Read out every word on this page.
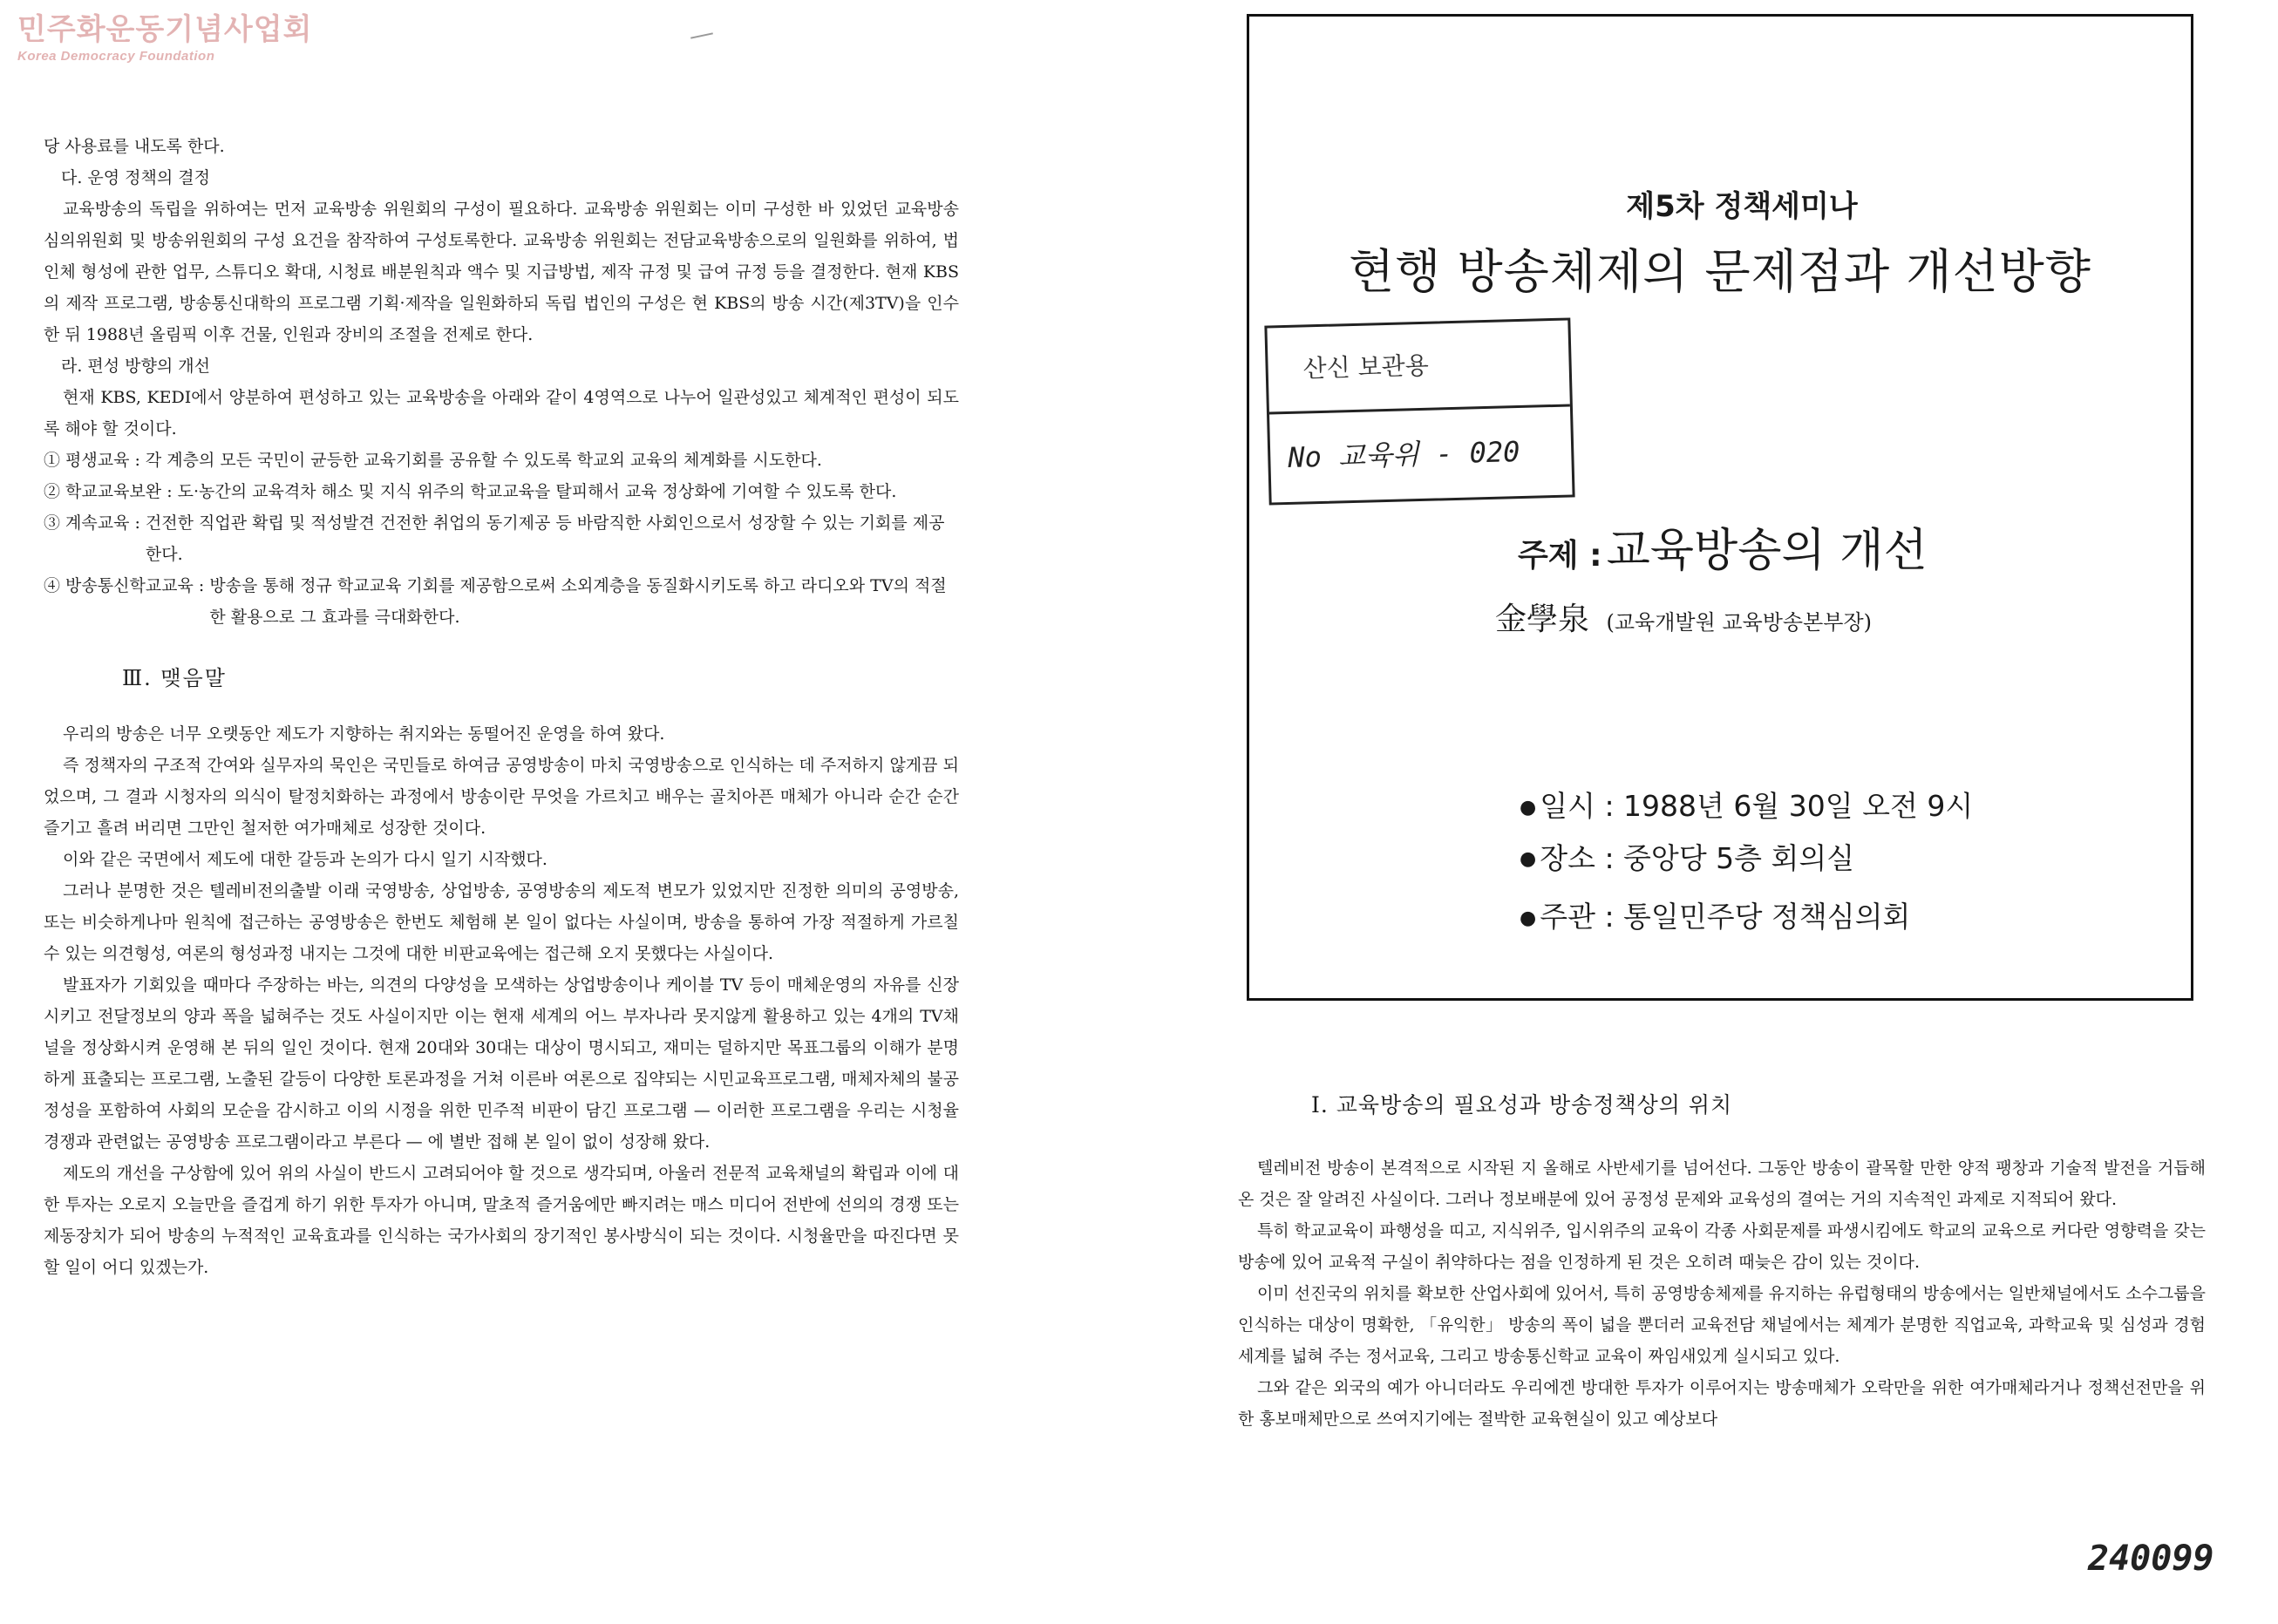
민주화운동기념사업회
Korea Democracy Foundation

당 사용료를 내도록 한다.

다. 운영 정책의 결정

교육방송의 독립을 위하여는 먼저 교육방송 위원회의 구성이 필요하다. 교육방송 위원회는 이미 구성한 바 있었던 교육방송 심의위원회 및 방송위원회의 구성 요건을 참작하여 구성토록한다. 교육방송 위원회는 전담교육방송으로의 일원화를 위하여, 법인체 형성에 관한 업무, 스튜디오 확대, 시청료 배분원칙과 액수 및 지급방법, 제작 규정 및 급여 규정 등을 결정한다. 현재 KBS의 제작 프로그램, 방송통신대학의 프로그램 기획·제작을 일원화하되 독립 법인의 구성은 현 KBS의 방송 시간(제3TV)을 인수한 뒤 1988년 올림픽 이후 건물, 인원과 장비의 조절을 전제로 한다.

라. 편성 방향의 개선

현재 KBS, KEDI에서 양분하여 편성하고 있는 교육방송을 아래와 같이 4영역으로 나누어 일관성있고 체계적인 편성이 되도록 해야 할 것이다.

① 평생교육 : 각 계층의 모든 국민이 균등한 교육기회를 공유할 수 있도록 학교외 교육의 체계화를 시도한다.
② 학교교육보완 : 도·농간의 교육격차 해소 및 지식 위주의 학교교육을 탈피해서 교육 정상화에 기여할 수 있도록 한다.
③ 계속교육 : 건전한 직업관 확립 및 적성발견 건전한 취업의 동기제공 등 바람직한 사회인으로서 성장할 수 있는 기회를 제공한다.
④ 방송통신학교교육 : 방송을 통해 정규 학교교육 기회를 제공함으로써 소외계층을 동질화시키도록 하고 라디오와 TV의 적절한 활용으로 그 효과를 극대화한다.
Ⅲ. 맺음말

우리의 방송은 너무 오랫동안 제도가 지향하는 취지와는 동떨어진 운영을 하여 왔다.

즉 정책자의 구조적 간여와 실무자의 묵인은 국민들로 하여금 공영방송이 마치 국영방송으로 인식하는 데 주저하지 않게끔 되었으며, 그 결과 시청자의 의식이 탈정치화하는 과정에서 방송이란 무엇을 가르치고 배우는 골치아픈 매체가 아니라 순간 순간 즐기고 흘려 버리면 그만인 철저한 여가매체로 성장한 것이다.

이와 같은 국면에서 제도에 대한 갈등과 논의가 다시 일기 시작했다.

그러나 분명한 것은 텔레비전의출발 이래 국영방송, 상업방송, 공영방송의 제도적 변모가 있었지만 진정한 의미의 공영방송, 또는 비슷하게나마 원칙에 접근하는 공영방송은 한번도 체험해 본 일이 없다는 사실이며, 방송을 통하여 가장 적절하게 가르칠 수 있는 의견형성, 여론의 형성과정 내지는 그것에 대한 비판교육에는 접근해 오지 못했다는 사실이다.

발표자가 기회있을 때마다 주장하는 바는, 의견의 다양성을 모색하는 상업방송이나 케이블 TV 등이 매체운영의 자유를 신장시키고 전달정보의 양과 폭을 넓혀주는 것도 사실이지만 이는 현재 세계의 어느 부자나라 못지않게 활용하고 있는 4개의 TV채널을 정상화시켜 운영해 본 뒤의 일인 것이다. 현재 20대와 30대는 대상이 명시되고, 재미는 덜하지만 목표그룹의 이해가 분명하게 표출되는 프로그램, 노출된 갈등이 다양한 토론과정을 거쳐 이른바 여론으로 집약되는 시민교육프로그램, 매체자체의 불공정성을 포함하여 사회의 모순을 감시하고 이의 시정을 위한 민주적 비판이 담긴 프로그램 — 이러한 프로그램을 우리는 시청율 경쟁과 관련없는 공영방송 프로그램이라고 부른다 — 에 별반 접해 본 일이 없이 성장해 왔다.

제도의 개선을 구상함에 있어 위의 사실이 반드시 고려되어야 할 것으로 생각되며, 아울러 전문적 교육채널의 확립과 이에 대한 투자는 오로지 오늘만을 즐겁게 하기 위한 투자가 아니며, 말초적 즐거움에만 빠지려는 매스 미디어 전반에 선의의 경쟁 또는 제동장치가 되어 방송의 누적적인 교육효과를 인식하는 국가사회의 장기적인 봉사방식이 되는 것이다. 시청율만을 따진다면 못할 일이 어디 있겠는가.

제5차 정책세미나
현행 방송체제의 문제점과 개선방향
산신 보관용
No 교육위 - 020
주제 : 교육방송의 개선
金學泉 (교육개발원 교육방송본부장)
● 일시 : 1988년 6월 30일 오전 9시
● 장소 : 중앙당 5층 회의실
● 주관 : 통일민주당 정책심의회
Ⅰ. 교육방송의 필요성과 방송정책상의 위치

텔레비전 방송이 본격적으로 시작된 지 올해로 사반세기를 넘어선다. 그동안 방송이 괄목할 만한 양적 팽창과 기술적 발전을 거듭해 온 것은 잘 알려진 사실이다. 그러나 정보배분에 있어 공정성 문제와 교육성의 결여는 거의 지속적인 과제로 지적되어 왔다.

특히 학교교육이 파행성을 띠고, 지식위주, 입시위주의 교육이 각종 사회문제를 파생시킴에도 학교의 교육으로 커다란 영향력을 갖는 방송에 있어 교육적 구실이 취약하다는 점을 인정하게 된 것은 오히려 때늦은 감이 있는 것이다.

이미 선진국의 위치를 확보한 산업사회에 있어서, 특히 공영방송체제를 유지하는 유럽형태의 방송에서는 일반채널에서도 소수그룹을 인식하는 대상이 명확한, 「유익한」 방송의 폭이 넓을 뿐더러 교육전담 채널에서는 체계가 분명한 직업교육, 과학교육 및 심성과 경험세계를 넓혀 주는 정서교육, 그리고 방송통신학교 교육이 짜임새있게 실시되고 있다.

그와 같은 외국의 예가 아니더라도 우리에겐 방대한 투자가 이루어지는 방송매체가 오락만을 위한 여가매체라거나 정책선전만을 위한 홍보매체만으로 쓰여지기에는 절박한 교육현실이 있고 예상보다

240099
